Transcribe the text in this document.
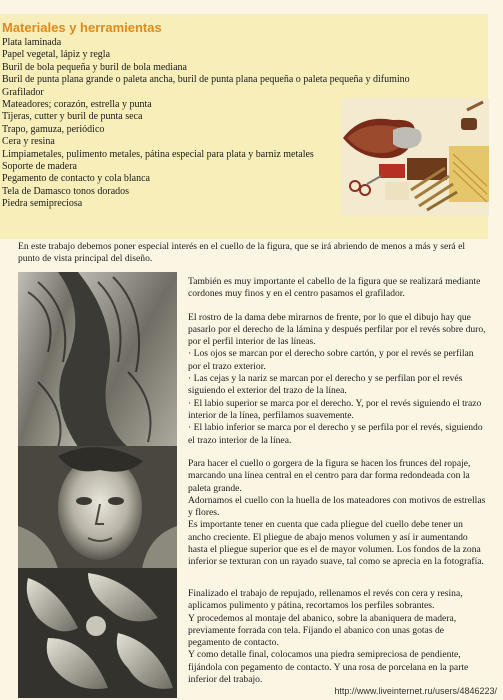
Materiales y herramientas
Plata laminada
Papel vegetal, lápiz y regla
Buril de bola pequeña y buril de bola mediana
Buril de punta plana grande o paleta ancha, buril de punta plana pequeña o paleta pequeña y difumino
Grafilador
Mateadores; corazón, estrella y punta
Tijeras, cutter y buril de punta seca
Trapo, gamuza, periódico
Cera y resina
Limpiametales, pulimento metales, pátina especial para plata y barniz metales
Soporte de madera
Pegamento de contacto y cola blanca
Tela de Damasco tonos dorados
Piedra semipreciosa

En este trabajo debemos poner especial interés en el cuello de la figura, que se irá abriendo de menos a más y será el punto de vista principal del diseño.

También es muy importante el cabello de la figura que se realizará mediante cordones muy finos y en el centro pasamos el grafilador.

El rostro de la dama debe mirarnos de frente, por lo que el dibujo hay que pasarlo por el derecho de la lámina y después perfilar por el revés sobre duro, por el perfil interior de las líneas.

· Los ojos se marcan por el derecho sobre cartón, y por el revés se perfilan por el trazo exterior.

· Las cejas y la nariz se marcan por el derecho y se perfilan por el revés siguiendo el exterior del trazo de la línea.

· El labio superior se marca por el derecho. Y, por el revés siguiendo el trazo interior de la línea, perfilamos suavemente.

· El labio inferior se marca por el derecho y se perfila por el revés, siguiendo el trazo interior de la línea.

Para hacer el cuello o gorgera de la figura se hacen los frunces del ropaje, marcando una línea central en el centro para dar forma redondeada con la paleta grande.

Adornamos el cuello con la huella de los mateadores con motivos de estrellas y flores.

Es importante tener en cuenta que cada pliegue del cuello debe tener un ancho creciente. El pliegue de abajo menos volumen y así ir aumentando hasta el pliegue superior que es el de mayor volumen. Los fondos de la zona inferior se texturan con un rayado suave, tal como se aprecia en la fotografía.

Finalizado el trabajo de repujado, rellenamos el revés con cera y resina, aplicamos pulimento y pátina, recortamos los perfiles sobrantes.

Y procedemos al montaje del abanico, sobre la abaniquera de madera, previamente forrada con tela. Fijando el abanico con unas gotas de pegamento de contacto.

Y como detalle final, colocamos una piedra semipreciosa de pendiente, fijándola con pegamento de contacto. Y una rosa de porcelana en la parte inferior del trabajo.

http://www.liveinternet.ru/users/4846223/
